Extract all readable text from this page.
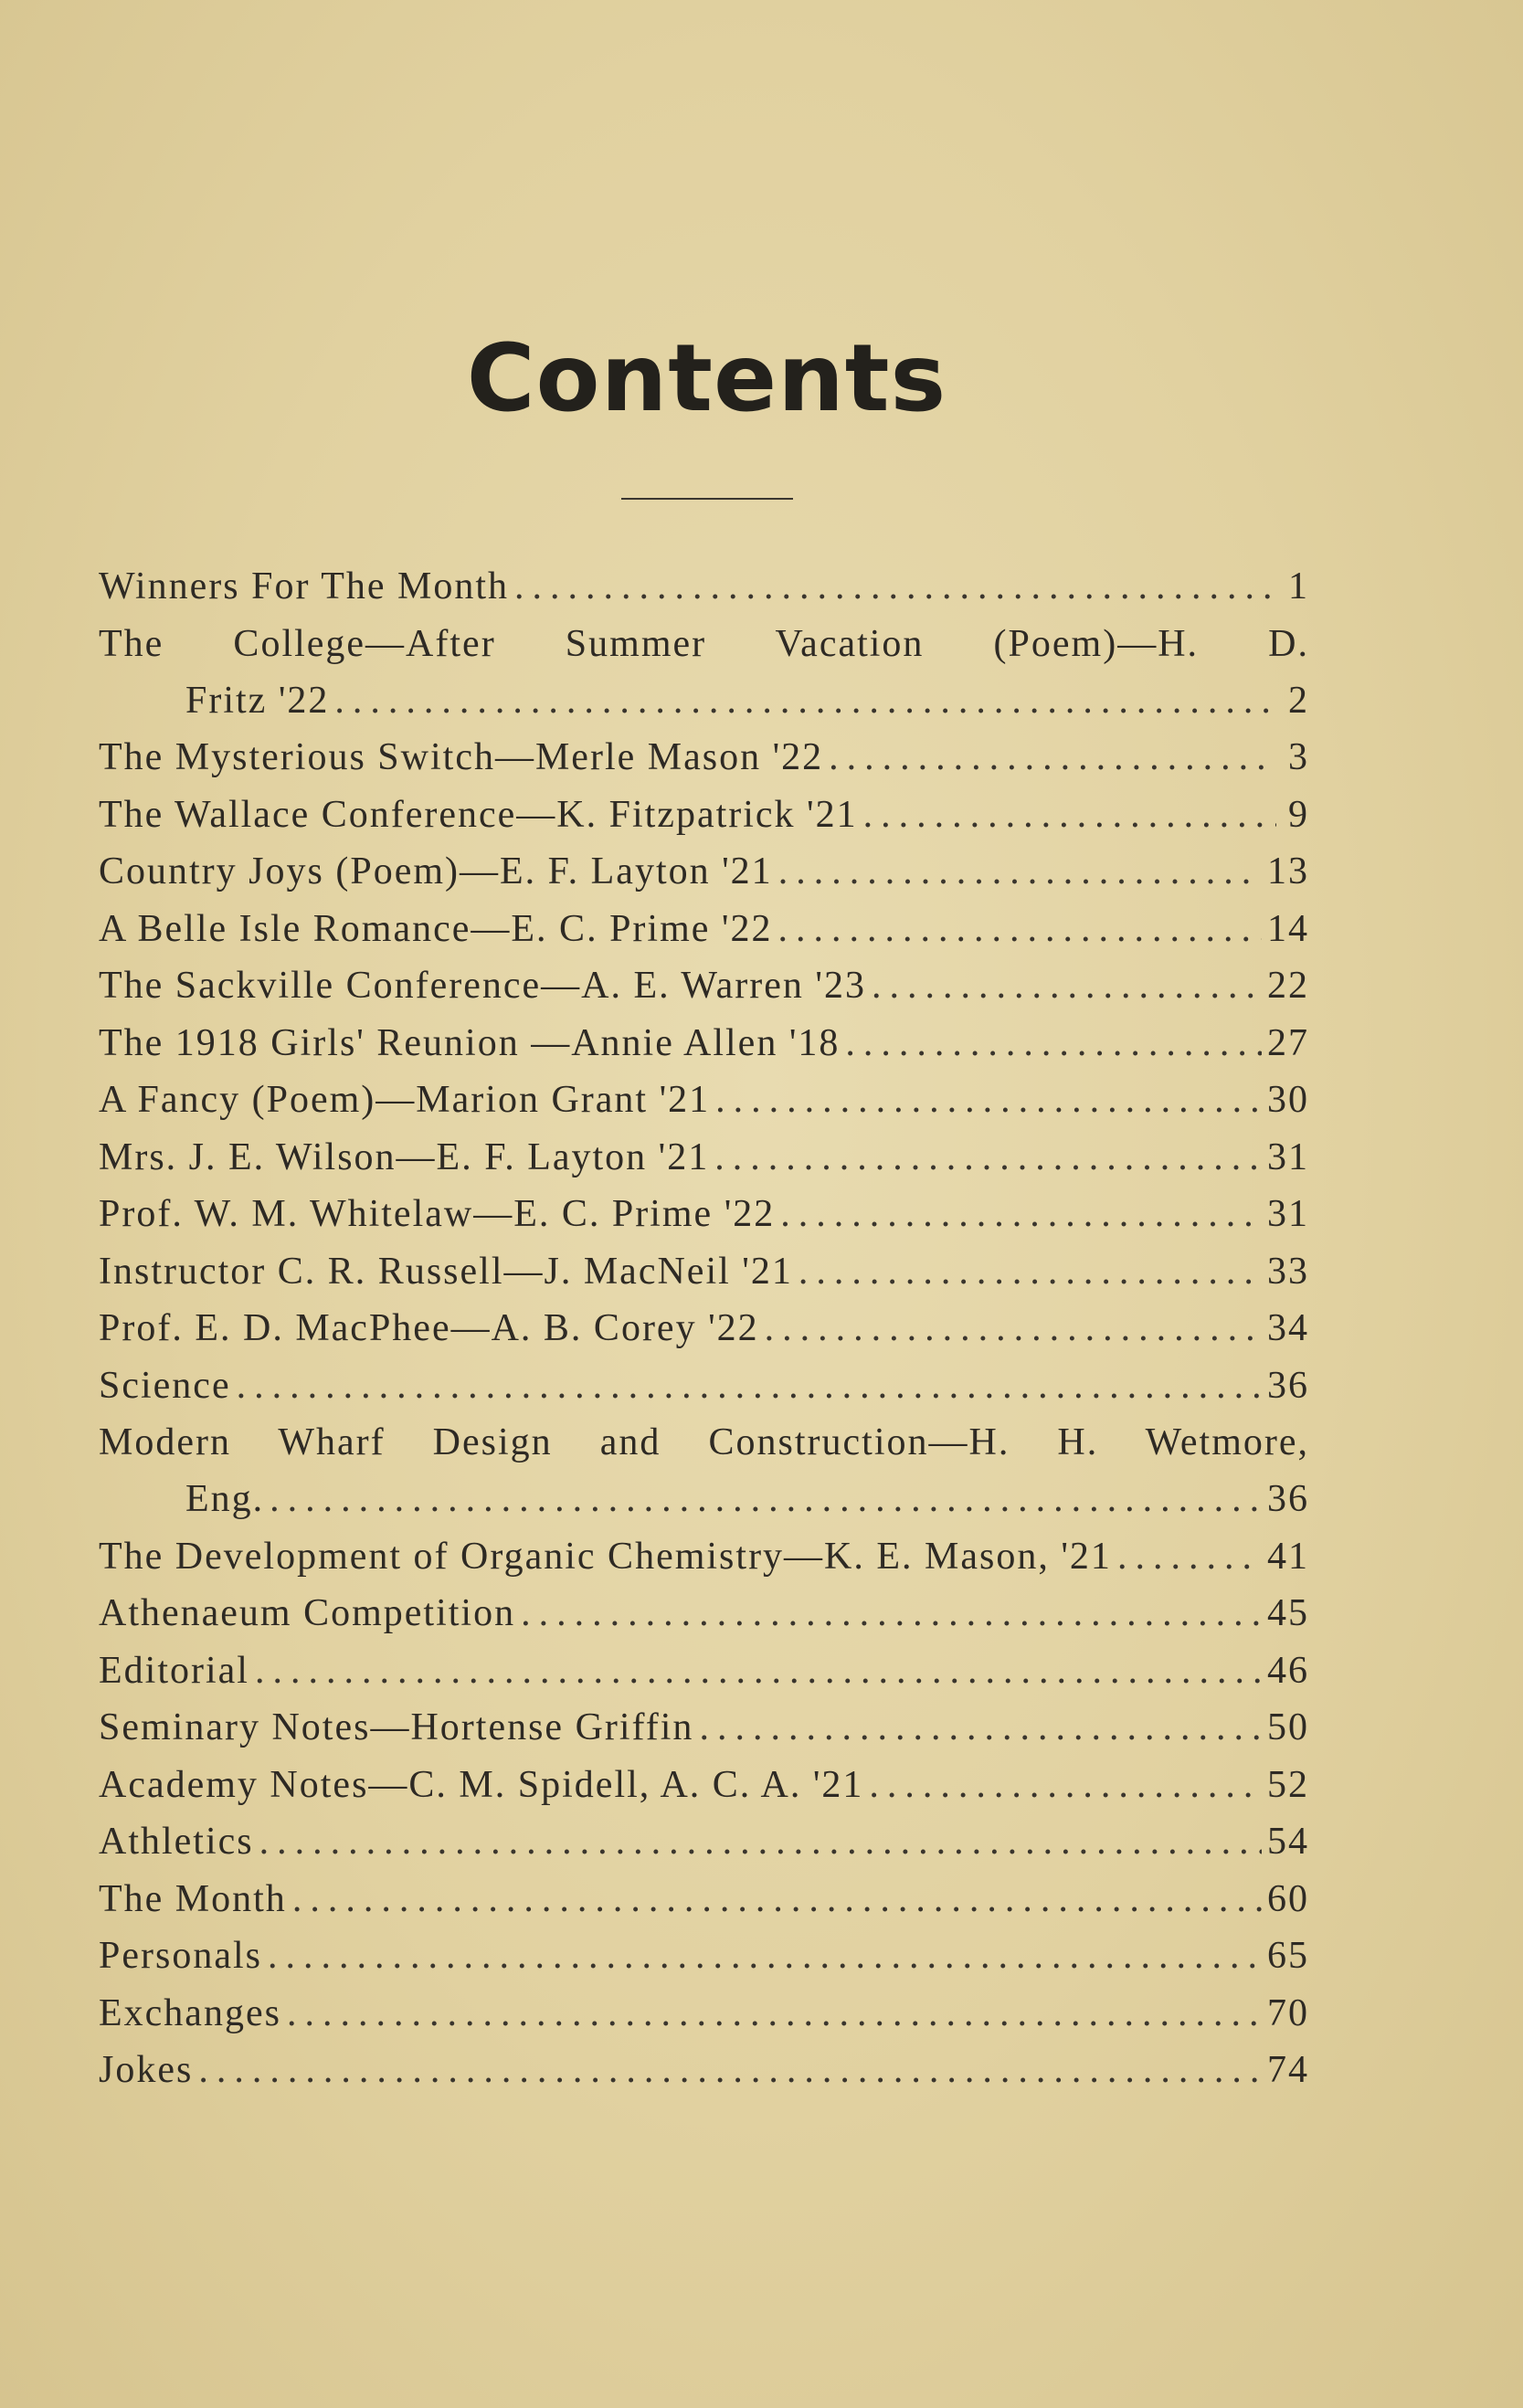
Contents
Winners For The Month .....	1
The College—After Summer Vacation (Poem)—H. D.
Fritz '22 .....	2
The Mysterious Switch—Merle Mason '22 .....	3
The Wallace Conference—K. Fitzpatrick '21 .....	9
Country Joys (Poem)—E. F. Layton '21 .....	13
A Belle Isle Romance—E. C. Prime '22 .....	14
The Sackville Conference—A. E. Warren '23 .....	22
The 1918 Girls' Reunion —Annie Allen '18 .....	27
A Fancy (Poem)—Marion Grant '21 .....	30
Mrs. J. E. Wilson—E. F. Layton '21 .....	31
Prof. W. M. Whitelaw—E. C. Prime '22 .....	31
Instructor C. R. Russell—J. MacNeil '21 .....	33
Prof. E. D. MacPhee—A. B. Corey '22 .....	34
Science .....	36
Modern Wharf Design and Construction—H. H. Wetmore,
Eng. .....	36
The Development of Organic Chemistry—K. E. Mason, '21 .....	41
Athenaeum Competition .....	45
Editorial .....	46
Seminary Notes—Hortense Griffin .....	50
Academy Notes—C. M. Spidell, A. C. A. '21 .....	52
Athletics .....	54
The Month .....	60
Personals .....	65
Exchanges .....	70
Jokes .....	74
